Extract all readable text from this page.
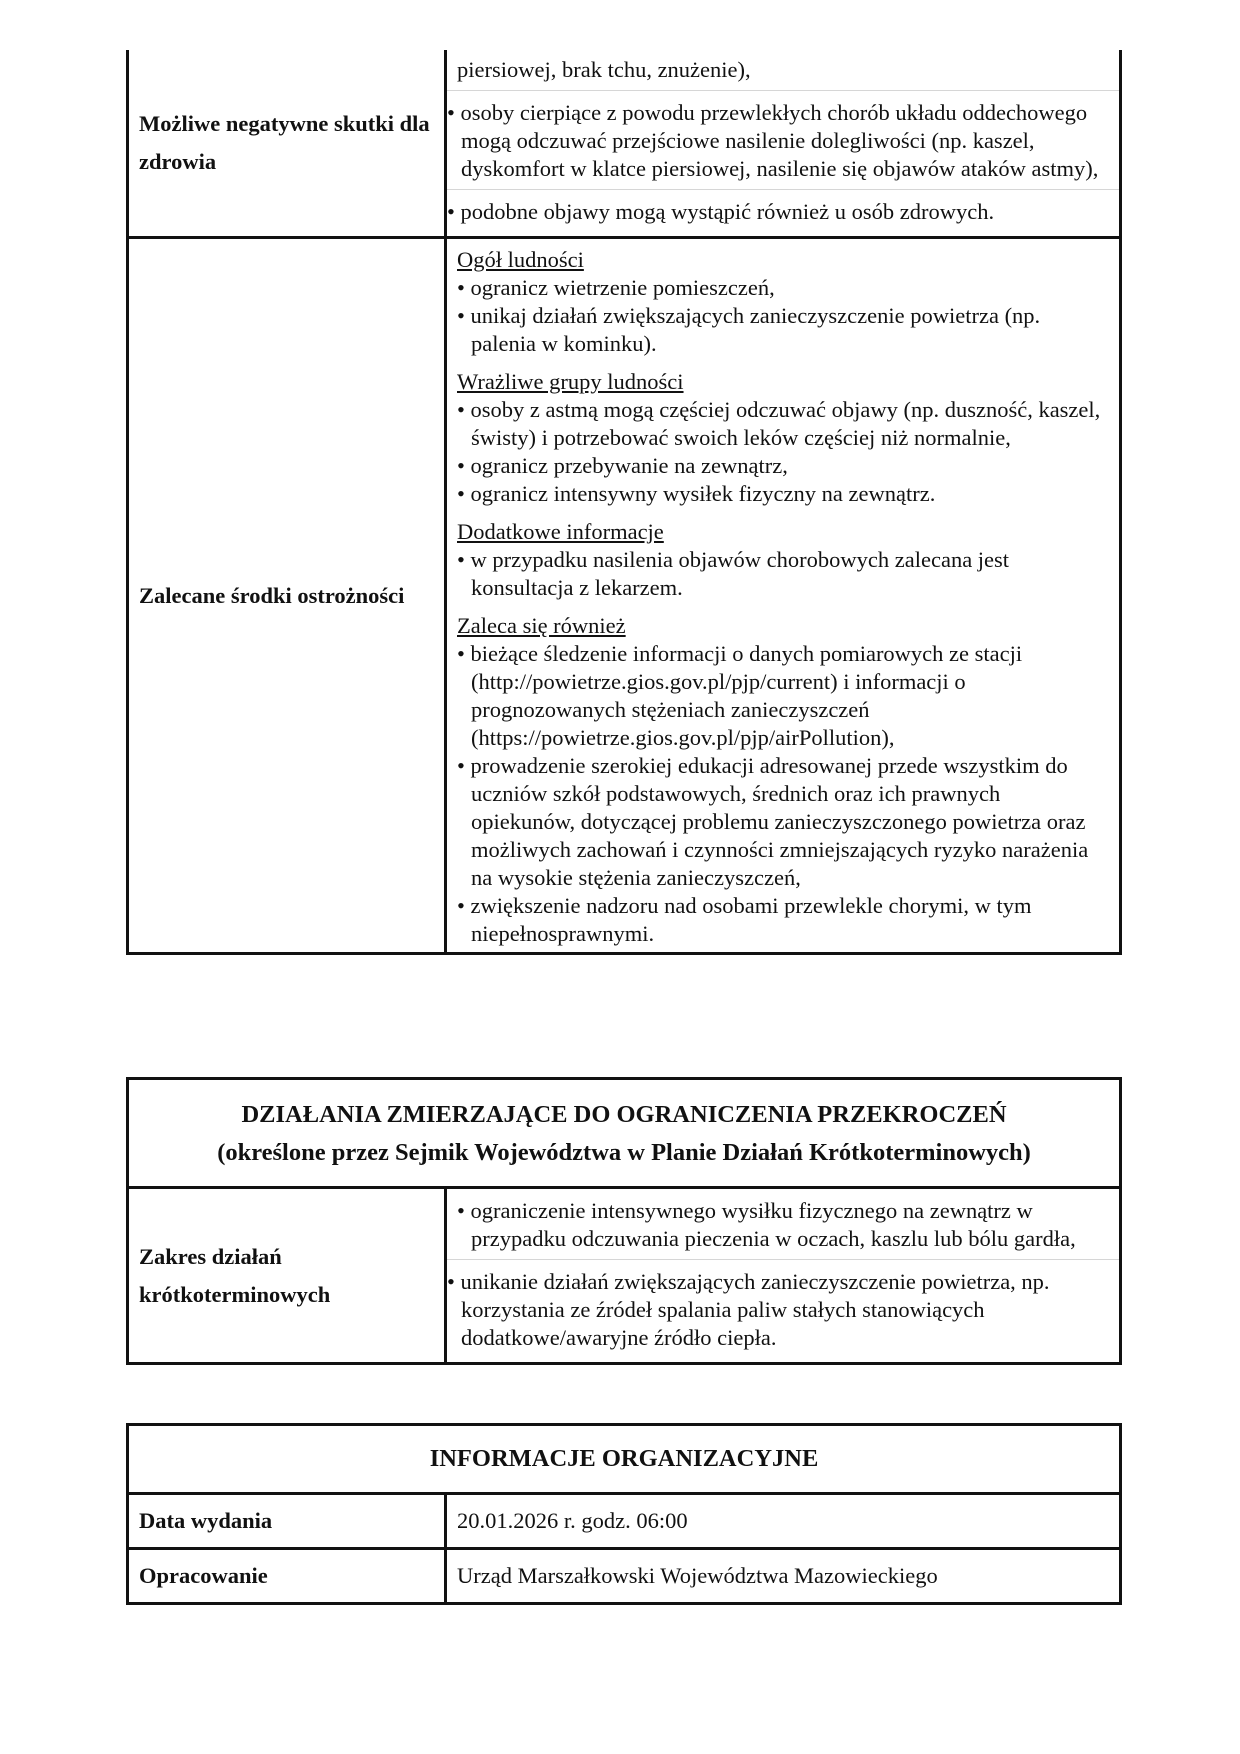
Możliwe negatywne skutki dla zdrowia
piersiowej, brak tchu, znużenie),
• osoby cierpiące z powodu przewlekłych chorób układu oddechowego mogą odczuwać przejściowe nasilenie dolegliwości (np. kaszel, dyskomfort w klatce piersiowej, nasilenie się objawów ataków astmy),
• podobne objawy mogą wystąpić również u osób zdrowych.
Zalecane środki ostrożności
Ogół ludności
• ogranicz wietrzenie pomieszczeń,
• unikaj działań zwiększających zanieczyszczenie powietrza (np. palenia w kominku).
Wrażliwe grupy ludności
• osoby z astmą mogą częściej odczuwać objawy (np. duszność, kaszel, świsty) i potrzebować swoich leków częściej niż normalnie,
• ogranicz przebywanie na zewnątrz,
• ogranicz intensywny wysiłek fizyczny na zewnątrz.
Dodatkowe informacje
• w przypadku nasilenia objawów chorobowych zalecana jest konsultacja z lekarzem.
Zaleca się również
• bieżące śledzenie informacji o danych pomiarowych ze stacji (http://powietrze.gios.gov.pl/pjp/current) i informacji o prognozowanych stężeniach zanieczyszczeń (https://powietrze.gios.gov.pl/pjp/airPollution),
• prowadzenie szerokiej edukacji adresowanej przede wszystkim do uczniów szkół podstawowych, średnich oraz ich prawnych opiekunów, dotyczącej problemu zanieczyszczonego powietrza oraz możliwych zachowań i czynności zmniejszających ryzyko narażenia na wysokie stężenia zanieczyszczeń,
• zwiększenie nadzoru nad osobami przewlekle chorymi, w tym niepełnosprawnymi.
DZIAŁANIA ZMIERZAJĄCE DO OGRANICZENIA PRZEKROCZEŃ
(określone przez Sejmik Województwa w Planie Działań Krótkoterminowych)
Zakres działań krótkoterminowych
• ograniczenie intensywnego wysiłku fizycznego na zewnątrz w przypadku odczuwania pieczenia w oczach, kaszlu lub bólu gardła,
• unikanie działań zwiększających zanieczyszczenie powietrza, np. korzystania ze źródeł spalania paliw stałych stanowiących dodatkowe/awaryjne źródło ciepła.
INFORMACJE ORGANIZACYJNE
Data wydania	20.01.2026 r. godz. 06:00
Opracowanie	Urząd Marszałkowski Województwa Mazowieckiego
